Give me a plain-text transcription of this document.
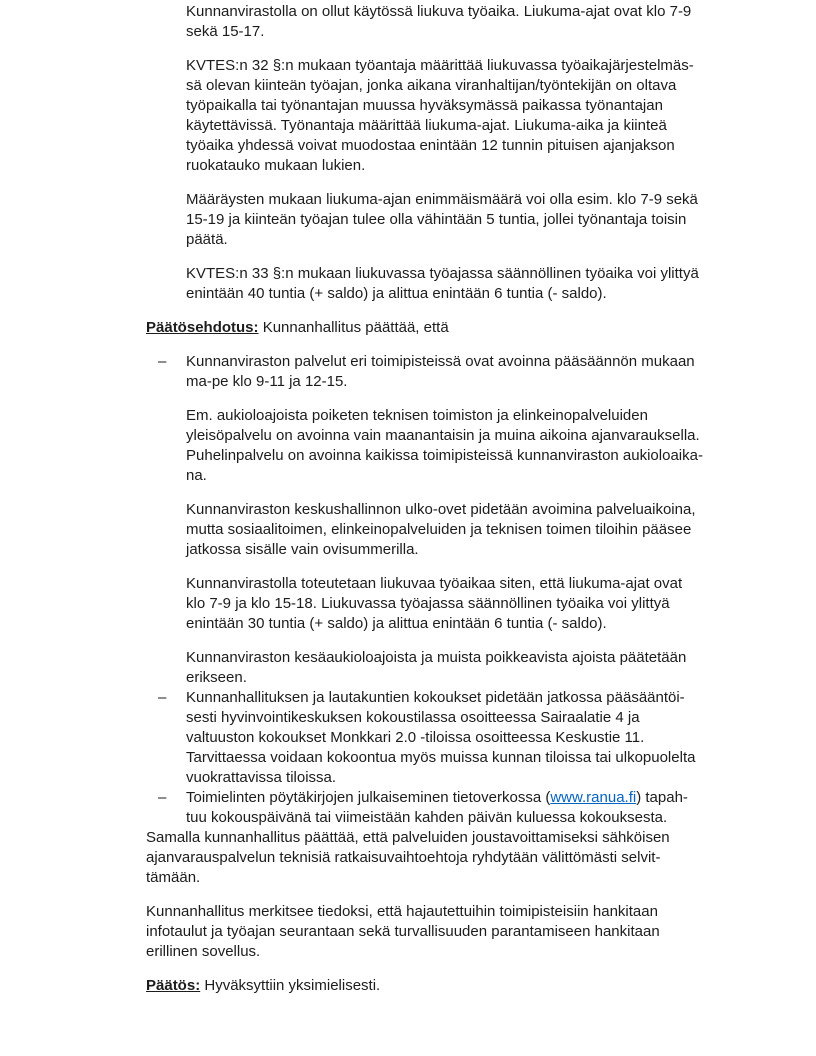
Kunnanvirastolla on ollut käytössä liukuva työaika. Liukuma-ajat ovat klo 7-9
sekä 15-17.

KVTES:n 32 §:n mukaan työantaja määrittää liukuvassa työaikajärjestelmäs-
sä olevan kiinteän työajan, jonka aikana viranhaltijan/työntekijän on oltava
työpaikalla tai työnantajan muussa hyväksymässä paikassa työnantajan
käytettävissä. Työnantaja määrittää liukuma-ajat. Liukuma-aika ja kiinteä
työaika yhdessä voivat muodostaa enintään 12 tunnin pituisen ajanjakson
ruokatauko mukaan lukien.

Määräysten mukaan liukuma-ajan enimmäismäärä voi olla esim. klo 7-9 sekä
15-19 ja kiinteän työajan tulee olla vähintään 5 tuntia, jollei työnantaja toisin
päätä.

KVTES:n 33 §:n mukaan liukuvassa työajassa säännöllinen työaika voi ylittyä
enintään 40 tuntia (+ saldo) ja alittua enintään 6 tuntia (- saldo).

Päätösehdotus: Kunnanhallitus päättää, että

–	Kunnanviraston palvelut eri toimipisteissä ovat avoinna pääsäännön mukaan
ma-pe klo 9-11 ja 12-15.

Em. aukioloajoista poiketen teknisen toimiston ja elinkeinopalveluiden
yleisöpalvelu on avoinna vain maanantaisin ja muina aikoina ajanvarauksella.
Puhelinpalvelu on avoinna kaikissa toimipisteissä kunnanviraston aukioloaika-
na.

Kunnanviraston keskushallinnon ulko-ovet pidetään avoimina palveluaikoina,
mutta sosiaalitoimen, elinkeinopalveluiden ja teknisen toimen tiloihin pääsee
jatkossa sisälle vain ovisummerilla.

Kunnanvirastolla toteutetaan liukuvaa työaikaa siten, että liukuma-ajat ovat
klo 7-9 ja klo 15-18. Liukuvassa työajassa säännöllinen työaika voi ylittyä
enintään 30 tuntia (+ saldo) ja alittua enintään 6 tuntia (- saldo).

Kunnanviraston kesäaukioloajoista ja muista poikkeavista ajoista päätetään
erikseen.

–	Kunnanhallituksen ja lautakuntien kokoukset pidetään jatkossa pääsääntöi-
sesti hyvinvointikeskuksen kokoustilassa osoitteessa Sairaalatie 4 ja
valtuuston kokoukset Monkkari 2.0 -tiloissa osoitteessa Keskustie 11.
Tarvittaessa voidaan kokoontua myös muissa kunnan tiloissa tai ulkopuolelta
vuokrattavissa tiloissa.

–	Toimielinten pöytäkirjojen julkaiseminen tietoverkossa (www.ranua.fi) tapah-
tuu kokouspäivänä tai viimeistään kahden päivän kuluessa kokouksesta.

Samalla kunnanhallitus päättää, että palveluiden joustavoittamiseksi sähköisen
ajanvarauspalvelun teknisiä ratkaisuvaihtoehtoja ryhdytään välittömästi selvit-
tämään.

Kunnanhallitus merkitsee tiedoksi, että hajautettuihin toimipisteisiin hankitaan
infotaulut ja työajan seurantaan sekä turvallisuuden parantamiseen hankitaan
erillinen sovellus.

Päätös: Hyväksyttiin yksimielisesti.
